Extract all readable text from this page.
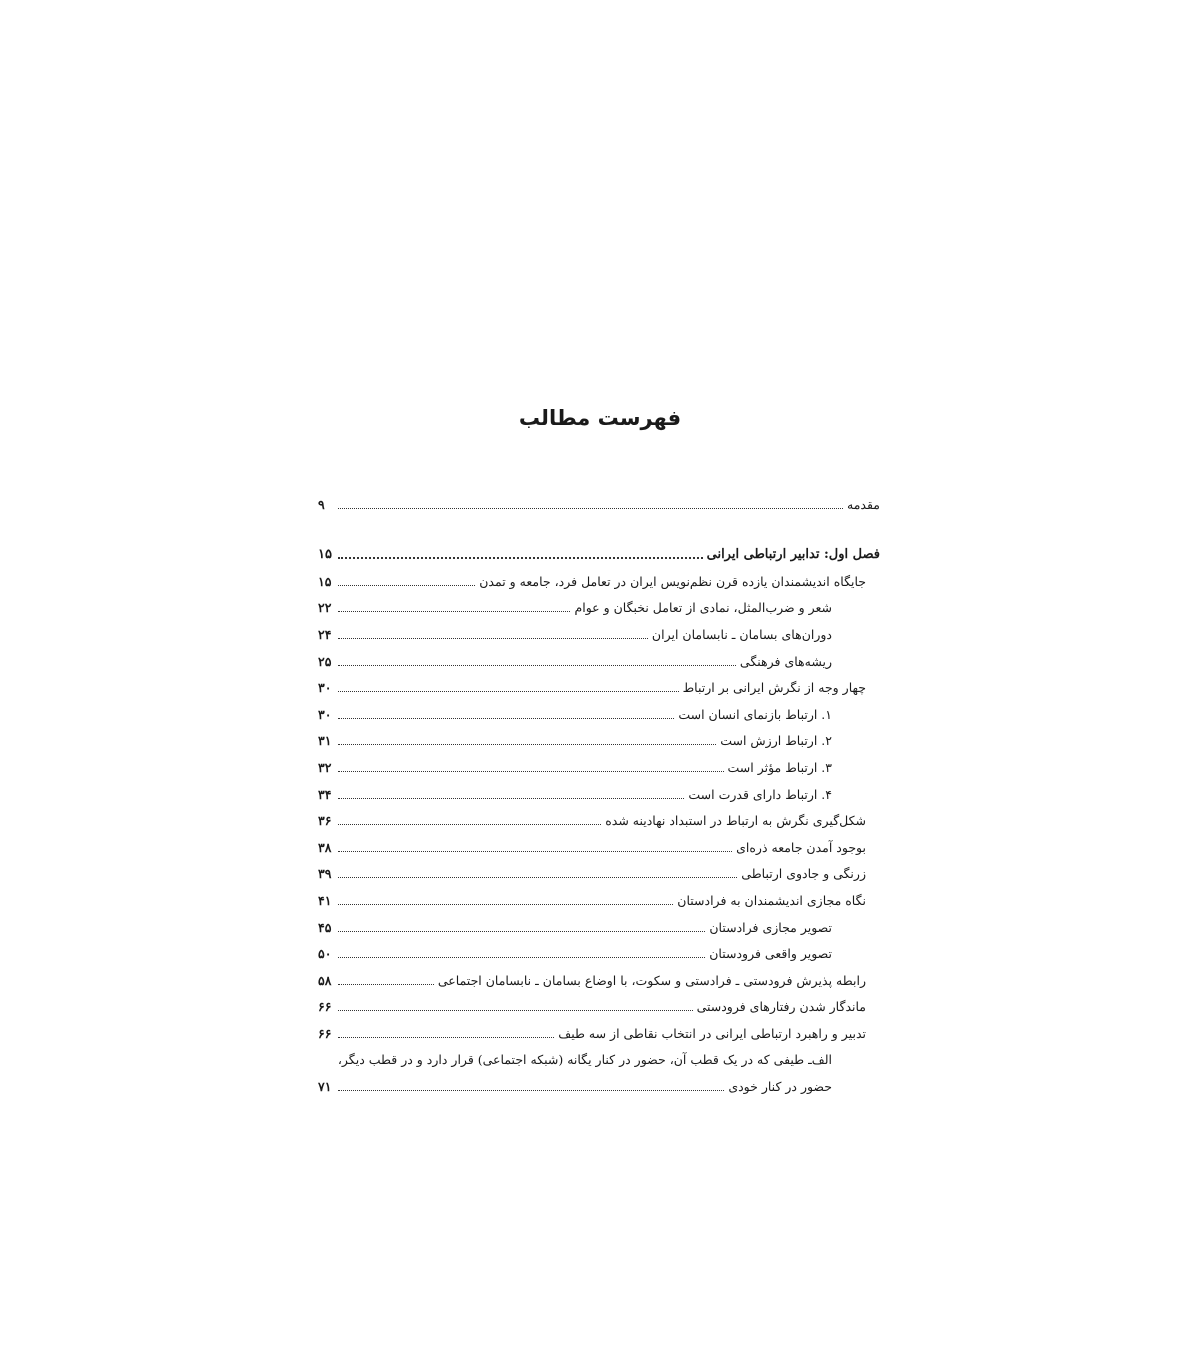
فهرست مطالب
مقدمه
۹
فصل اول: تدابیر ارتباطی ایرانی
۱۵
جایگاه اندیشمندان یازده قرن نظم‌نویس ایران در تعامل فرد، جامعه و تمدن
۱۵
شعر و ضرب‌المثل، نمادی از تعامل نخبگان و عوام
۲۲
دوران‌های بسامان ـ نابسامان ایران
۲۴
ریشه‌های فرهنگی
۲۵
چهار وجه از نگرش ایرانی بر ارتباط
۳۰
۱. ارتباط بازنمای انسان است
۳۰
۲. ارتباط ارزش است
۳۱
۳. ارتباط مؤثر است
۳۲
۴. ارتباط دارای قدرت است
۳۴
شکل‌گیری نگرش به ارتباط در استبداد نهادینه شده
۳۶
بوجود آمدن جامعه ذره‌ای
۳۸
زرنگی و جادوی ارتباطی
۳۹
نگاه مجازی اندیشمندان به فرادستان
۴۱
تصویر مجازی فرادستان
۴۵
تصویر واقعی فرودستان
۵۰
رابطه پذیرش فرودستی ـ فرادستی و سکوت، با اوضاع بسامان ـ نابسامان اجتماعی
۵۸
ماندگار شدن رفتارهای فرودستی
۶۶
تدبیر و راهبرد ارتباطی ایرانی در انتخاب نقاطی از سه طیف
۶۶
الف‌ـ طیفی که در یک قطب آن، حضور در کنار یگانه (شبکه اجتماعی) قرار دارد و در قطب دیگر،
حضور در کنار خودی
۷۱
